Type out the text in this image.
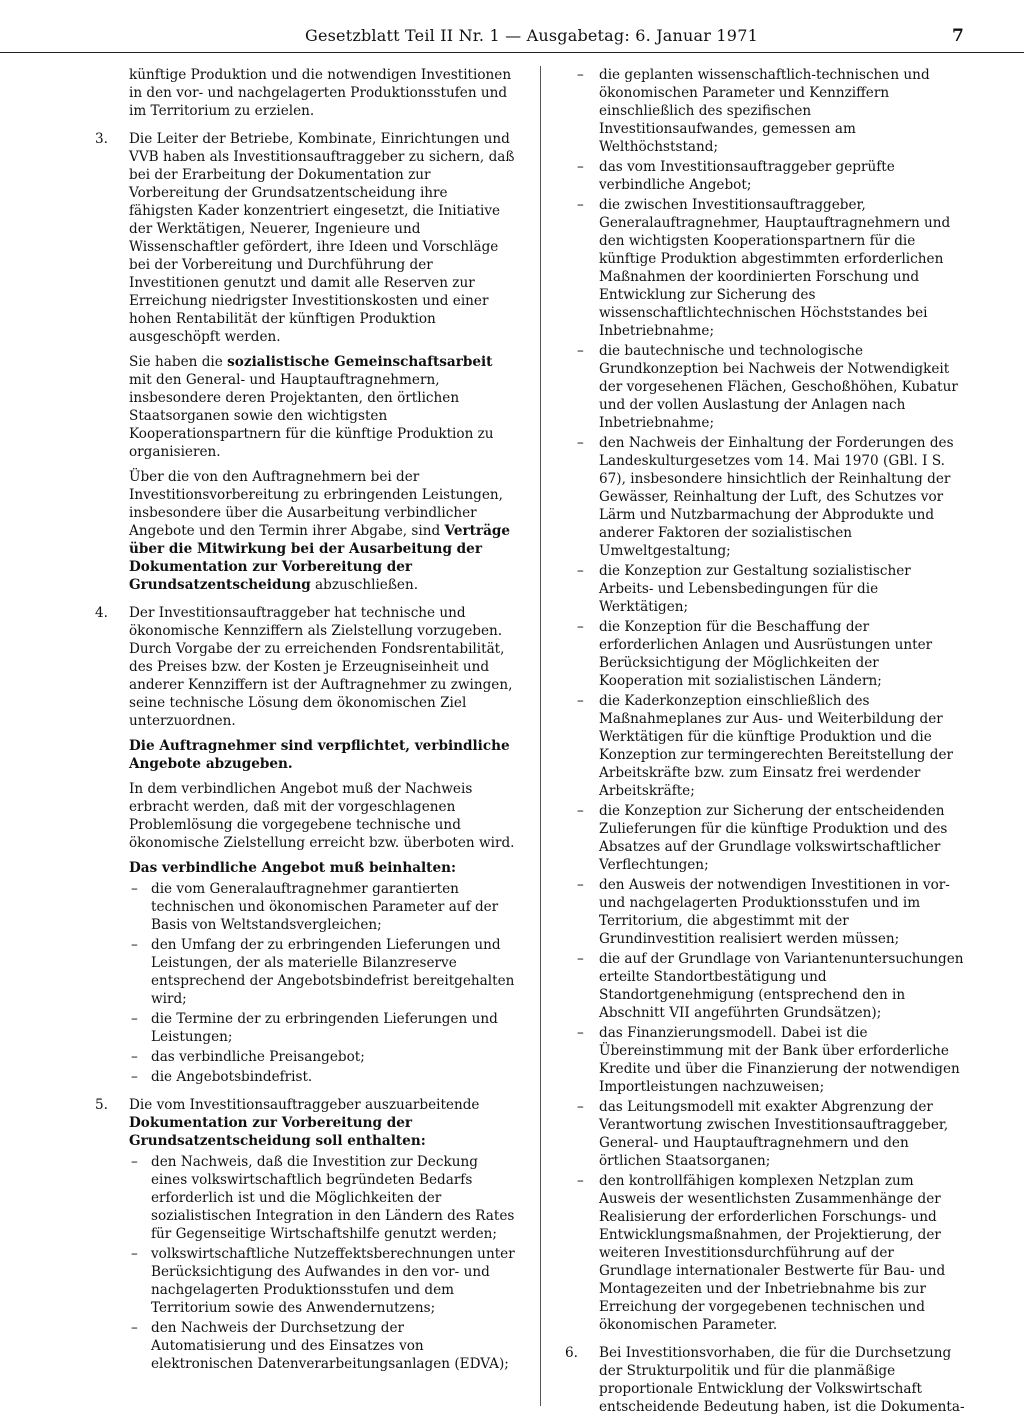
Gesetzblatt Teil II Nr. 1 — Ausgabetag: 6. Januar 1971	7

künftige Produktion und die notwendigen Investitionen in den vor- und nachgelagerten Produktionsstufen und im Territorium zu erzielen.

3. Die Leiter der Betriebe, Kombinate, Einrichtungen und VVB haben als Investitionsauftraggeber zu sichern, daß bei der Erarbeitung der Dokumentation zur Vorbereitung der Grundsatzentscheidung ihre fähigsten Kader konzentriert eingesetzt, die Initiative der Werktätigen, Neuerer, Ingenieure und Wissenschaftler gefördert, ihre Ideen und Vorschläge bei der Vorbereitung und Durchführung der Investitionen genutzt und damit alle Reserven zur Erreichung niedrigster Investitionskosten und einer hohen Rentabilität der künftigen Produktion ausgeschöpft werden.

Sie haben die sozialistische Gemeinschaftsarbeit mit den General- und Hauptauftragnehmern, insbesondere deren Projektanten, den örtlichen Staatsorganen sowie den wichtigsten Kooperationspartnern für die künftige Produktion zu organisieren.

Über die von den Auftragnehmern bei der Investitionsvorbereitung zu erbringenden Leistungen, insbesondere über die Ausarbeitung verbindlicher Angebote und den Termin ihrer Abgabe, sind Verträge über die Mitwirkung bei der Ausarbeitung der Dokumentation zur Vorbereitung der Grundsatzentscheidung abzuschließen.

4. Der Investitionsauftraggeber hat technische und ökonomische Kennziffern als Zielstellung vorzugeben. Durch Vorgabe der zu erreichenden Fondsrentabilität, des Preises bzw. der Kosten je Erzeugniseinheit und anderer Kennziffern ist der Auftragnehmer zu zwingen, seine technische Lösung dem ökonomischen Ziel unterzuordnen.

Die Auftragnehmer sind verpflichtet, verbindliche Angebote abzugeben.

In dem verbindlichen Angebot muß der Nachweis erbracht werden, daß mit der vorgeschlagenen Problemlösung die vorgegebene technische und ökonomische Zielstellung erreicht bzw. überboten wird.

Das verbindliche Angebot muß beinhalten:

– die vom Generalauftragnehmer garantierten technischen und ökonomischen Parameter auf der Basis von Weltstandsvergleichen;
– den Umfang der zu erbringenden Lieferungen und Leistungen, der als materielle Bilanzreserve entsprechend der Angebotsbindefrist bereitgehalten wird;
– die Termine der zu erbringenden Lieferungen und Leistungen;
– das verbindliche Preisangebot;
– die Angebotsbindefrist.
5. Die vom Investitionsauftraggeber auszuarbeitende Dokumentation zur Vorbereitung der Grundsatzentscheidung soll enthalten:

– den Nachweis, daß die Investition zur Deckung eines volkswirtschaftlich begründeten Bedarfs erforderlich ist und die Möglichkeiten der sozialistischen Integration in den Ländern des Rates für Gegenseitige Wirtschaftshilfe genutzt werden;
– volkswirtschaftliche Nutzeffektsberechnungen unter Berücksichtigung des Aufwandes in den vor- und nachgelagerten Produktionsstufen und dem Territorium sowie des Anwendernutzens;
– den Nachweis der Durchsetzung der Automatisierung und des Einsatzes von elektronischen Datenverarbeitungsanlagen (EDVA);
– die geplanten wissenschaftlich-technischen und ökonomischen Parameter und Kennziffern einschließlich des spezifischen Investitionsaufwandes, gemessen am Welthöchststand;
– das vom Investitionsauftraggeber geprüfte verbindliche Angebot;
– die zwischen Investitionsauftraggeber, Generalauftragnehmer, Hauptauftragnehmern und den wichtigsten Kooperationspartnern für die künftige Produktion abgestimmten erforderlichen Maßnahmen der koordinierten Forschung und Entwicklung zur Sicherung des wissenschaftlichtechnischen Höchststandes bei Inbetriebnahme;
– die bautechnische und technologische Grundkonzeption bei Nachweis der Notwendigkeit der vorgesehenen Flächen, Geschoßhöhen, Kubatur und der vollen Auslastung der Anlagen nach Inbetriebnahme;
– den Nachweis der Einhaltung der Forderungen des Landeskulturgesetzes vom 14. Mai 1970 (GBl. I S. 67), insbesondere hinsichtlich der Reinhaltung der Gewässer, Reinhaltung der Luft, des Schutzes vor Lärm und Nutzbarmachung der Abprodukte und anderer Faktoren der sozialistischen Umweltgestaltung;
– die Konzeption zur Gestaltung sozialistischer Arbeits- und Lebensbedingungen für die Werktätigen;
– die Konzeption für die Beschaffung der erforderlichen Anlagen und Ausrüstungen unter Berücksichtigung der Möglichkeiten der Kooperation mit sozialistischen Ländern;
– die Kaderkonzeption einschließlich des Maßnahmeplanes zur Aus- und Weiterbildung der Werktätigen für die künftige Produktion und die Konzeption zur termingerechten Bereitstellung der Arbeitskräfte bzw. zum Einsatz frei werdender Arbeitskräfte;
– die Konzeption zur Sicherung der entscheidenden Zulieferungen für die künftige Produktion und des Absatzes auf der Grundlage volkswirtschaftlicher Verflechtungen;
– den Ausweis der notwendigen Investitionen in vor- und nachgelagerten Produktionsstufen und im Territorium, die abgestimmt mit der Grundinvestition realisiert werden müssen;
– die auf der Grundlage von Variantenuntersuchungen erteilte Standortbestätigung und Standortgenehmigung (entsprechend den in Abschnitt VII angeführten Grundsätzen);
– das Finanzierungsmodell. Dabei ist die Übereinstimmung mit der Bank über erforderliche Kredite und über die Finanzierung der notwendigen Importleistungen nachzuweisen;
– das Leitungsmodell mit exakter Abgrenzung der Verantwortung zwischen Investitionsauftraggeber, General- und Hauptauftragnehmern und den örtlichen Staatsorganen;
– den kontrollfähigen komplexen Netzplan zum Ausweis der wesentlichsten Zusammenhänge der Realisierung der erforderlichen Forschungs- und Entwicklungsmaßnahmen, der Projektierung, der weiteren Investitionsdurchführung auf der Grundlage internationaler Bestwerte für Bau- und Montagezeiten und der Inbetriebnahme bis zur Erreichung der vorgegebenen technischen und ökonomischen Parameter.
6. Bei Investitionsvorhaben, die für die Durchsetzung der Strukturpolitik und für die planmäßige proportionale Entwicklung der Volkswirtschaft entscheidende Bedeutung haben, ist die Dokumenta-
